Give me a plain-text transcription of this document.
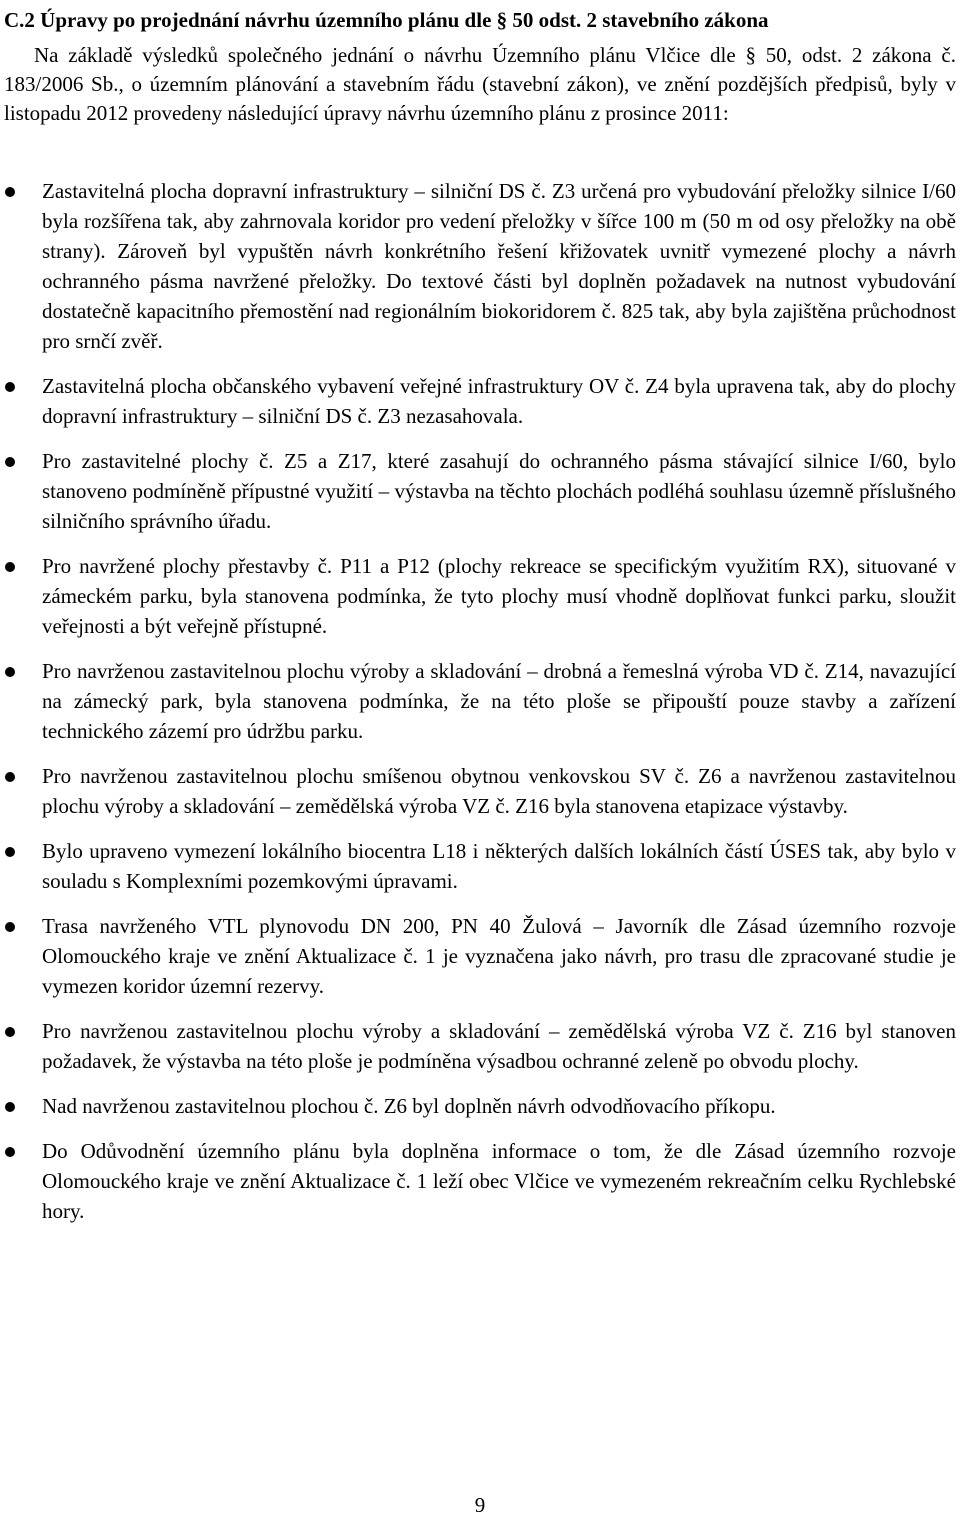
C.2 Úpravy po projednání návrhu územního plánu dle § 50 odst. 2 stavebního zákona

Na základě výsledků společného jednání o návrhu Územního plánu Vlčice dle § 50, odst. 2 zákona č. 183/2006 Sb., o územním plánování a stavebním řádu (stavební zákon), ve znění pozdějších předpisů, byly v listopadu 2012 provedeny následující úpravy návrhu územního plánu z prosince 2011:

Zastavitelná plocha dopravní infrastruktury – silniční DS č. Z3 určená pro vybudování přeložky silnice I/60 byla rozšířena tak, aby zahrnovala koridor pro vedení přeložky v šířce 100 m (50 m od osy přeložky na obě strany). Zároveň byl vypuštěn návrh konkrétního řešení křižovatek uvnitř vymezené plochy a návrh ochranného pásma navržené přeložky. Do textové části byl doplněn požadavek na nutnost vybudování dostatečně kapacitního přemostění nad regionálním biokoridorem č. 825 tak, aby byla zajištěna průchodnost pro srnčí zvěř.
Zastavitelná plocha občanského vybavení veřejné infrastruktury OV č. Z4 byla upravena tak, aby do plochy dopravní infrastruktury – silniční DS č. Z3 nezasahovala.
Pro zastavitelné plochy č. Z5 a Z17, které zasahují do ochranného pásma stávající silnice I/60, bylo stanoveno podmíněně přípustné využití – výstavba na těchto plochách podléhá souhlasu územně příslušného silničního správního úřadu.
Pro navržené plochy přestavby č. P11 a P12 (plochy rekreace se specifickým využitím RX), situované v zámeckém parku, byla stanovena podmínka, že tyto plochy musí vhodně doplňovat funkci parku, sloužit veřejnosti a být veřejně přístupné.
Pro navrženou zastavitelnou plochu výroby a skladování – drobná a řemeslná výroba VD č. Z14, navazující na zámecký park, byla stanovena podmínka, že na této ploše se připouští pouze stavby a zařízení technického zázemí pro údržbu parku.
Pro navrženou zastavitelnou plochu smíšenou obytnou venkovskou SV č. Z6 a navrženou zastavitelnou plochu výroby a skladování – zemědělská výroba VZ č. Z16 byla stanovena etapizace výstavby.
Bylo upraveno vymezení lokálního biocentra L18 i některých dalších lokálních částí ÚSES tak, aby bylo v souladu s Komplexními pozemkovými úpravami.
Trasa navrženého VTL plynovodu DN 200, PN 40 Žulová – Javorník dle Zásad územního rozvoje Olomouckého kraje ve znění Aktualizace č. 1 je vyznačena jako návrh, pro trasu dle zpracované studie je vymezen koridor územní rezervy.
Pro navrženou zastavitelnou plochu výroby a skladování – zemědělská výroba VZ č. Z16 byl stanoven požadavek, že výstavba na této ploše je podmíněna výsadbou ochranné zeleně po obvodu plochy.
Nad navrženou zastavitelnou plochou č. Z6 byl doplněn návrh odvodňovacího příkopu.
Do Odůvodnění územního plánu byla doplněna informace o tom, že dle Zásad územního rozvoje Olomouckého kraje ve znění Aktualizace č. 1 leží obec Vlčice ve vymezeném rekreačním celku Rychlebské hory.
9
